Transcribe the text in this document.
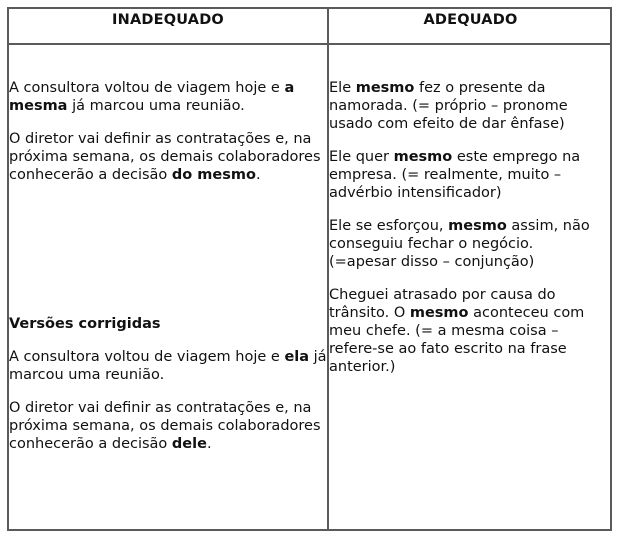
INADEQUADO	ADEQUADO

A consultora voltou de viagem hoje e a mesma já marcou uma reunião.

O diretor vai definir as contratações e, na próxima semana, os demais colaboradores conhecerão a decisão do mesmo.

Versões corrigidas

A consultora voltou de viagem hoje e ela já marcou uma reunião.

O diretor vai definir as contratações e, na próxima semana, os demais colaboradores conhecerão a decisão dele.

Ele mesmo fez o presente da namorada. (= próprio – pronome usado com efeito de dar ênfase)

Ele quer mesmo este emprego na empresa. (= realmente, muito – advérbio intensificador)

Ele se esforçou, mesmo assim, não conseguiu fechar o negócio. (=apesar disso – conjunção)

Cheguei atrasado por causa do trânsito. O mesmo aconteceu com meu chefe. (= a mesma coisa – refere-se ao fato escrito na frase anterior.)
